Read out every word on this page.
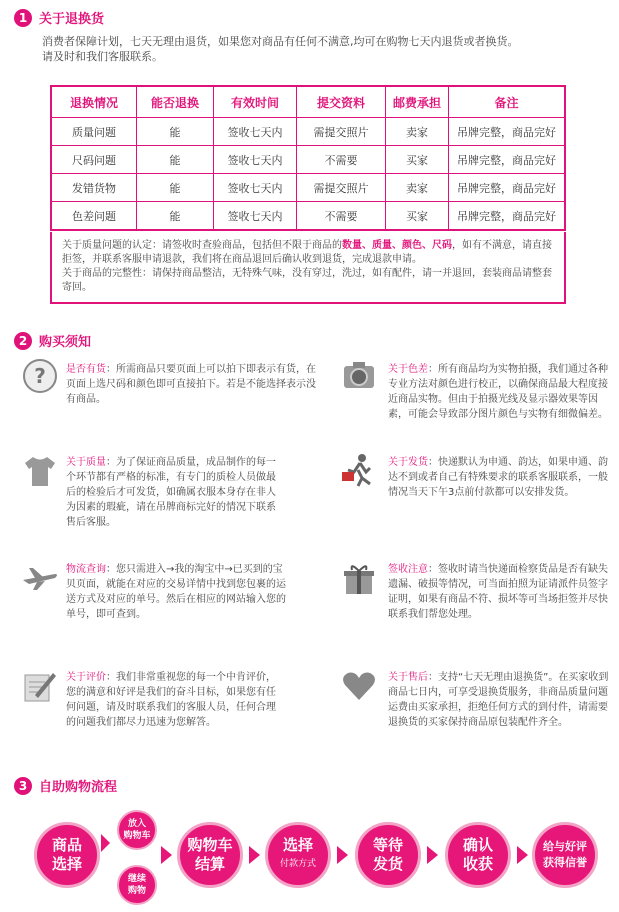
1 关于退换货
消费者保障计划，七天无理由退货，如果您对商品有任何不满意,均可在购物七天内退货或者换货。
请及时和我们客服联系。
退换情况	能否退换	有效时间	提交资料	邮费承担	备注
质量问题	能	签收七天内	需提交照片	卖家	吊牌完整，商品完好
尺码问题	能	签收七天内	不需要	买家	吊牌完整，商品完好
发错货物	能	签收七天内	需提交照片	卖家	吊牌完整，商品完好
色差问题	能	签收七天内	不需要	买家	吊牌完整，商品完好
关于质量问题的认定：请签收时查验商品，包括但不限于商品的数量、质量、颜色、尺码，如有不满意，请直接拒签，并联系客服申请退款，我们将在商品退回后确认收到退货，完成退款申请。
关于商品的完整性：请保持商品整洁，无特殊气味，没有穿过，洗过，如有配件，请一并退回，套装商品请整套寄回。
2 购买须知
? 是否有货：所需商品只要页面上可以拍下即表示有货，在页面上选尺码和颜色即可直接拍下。若是不能选择表示没有商品。
关于色差：所有商品均为实物拍摄，我们通过各种专业方法对颜色进行校正，以确保商品最大程度接近商品实物。但由于拍摄光线及显示器效果等因素，可能会导致部分图片颜色与实物有细微偏差。
关于质量：为了保证商品质量，成品制作的每一个环节都有严格的标准，有专门的质检人员做最后的检验后才可发货，如确属衣服本身存在非人为因素的瑕疵，请在吊牌商标完好的情况下联系售后客服。
关于发货：快递默认为申通、韵达，如果申通、韵达不到或者自己有特殊要求的联系客服联系，一般情况当天下午3点前付款都可以安排发货。
物流查询：您只需进入→我的淘宝中→已买到的宝贝页面，就能在对应的交易详情中找到您包裹的运送方式及对应的单号。然后在相应的网站输入您的单号，即可查到。
签收注意：签收时请当快递面检察货品是否有缺失遗漏、破损等情况，可当面拍照为证请派件员签字证明，如果有商品不符、损坏等可当场拒签并尽快联系我们帮您处理。
关于评价：我们非常重视您的每一个中肯评价，您的满意和好评是我们的奋斗目标，如果您有任何问题，请及时联系我们的客服人员，任何合理的问题我们都尽力迅速为您解答。
关于售后：支持“七天无理由退换货”。在买家收到商品七日内，可享受退换货服务，非商品质量问题运费由买家承担，拒绝任何方式的到付件，请需要退换货的买家保持商品原包装配件齐全。
3 自助购物流程
商品
选择
放入
购物车
继续
购物
购物车
结算
选择
付款方式
等待
发货
确认
收获
给与好评
获得信誉
